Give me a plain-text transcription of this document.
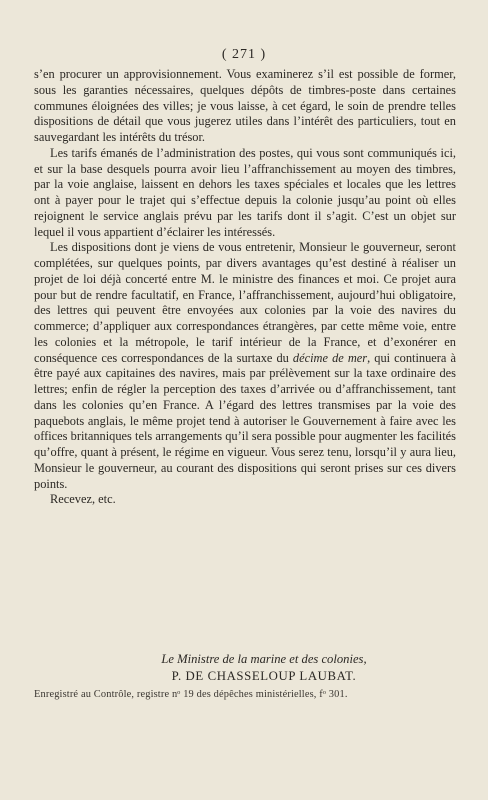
( 271 )

s’en procurer un approvisionnement. Vous examinerez s’il est possible de former, sous les garanties nécessaires, quelques dépôts de timbres-poste dans certaines communes éloignées des villes; je vous laisse, à cet égard, le soin de prendre telles dispositions de détail que vous jugerez utiles dans l’intérêt des particuliers, tout en sauvegardant les intérêts du trésor.

Les tarifs émanés de l’administration des postes, qui vous sont communiqués ici, et sur la base desquels pourra avoir lieu l’affranchissement au moyen des timbres, par la voie anglaise, laissent en dehors les taxes spéciales et locales que les lettres ont à payer pour le trajet qui s’effectue depuis la colonie jusqu’au point où elles rejoignent le service anglais prévu par les tarifs dont il s’agit. C’est un objet sur lequel il vous appartient d’éclairer les intéressés.

Les dispositions dont je viens de vous entretenir, Monsieur le gouverneur, seront complétées, sur quelques points, par divers avantages qu’est destiné à réaliser un projet de loi déjà concerté entre M. le ministre des finances et moi. Ce projet aura pour but de rendre facultatif, en France, l’affranchissement, aujourd’hui obligatoire, des lettres qui peuvent être envoyées aux colonies par la voie des navires du commerce; d’appliquer aux correspondances étrangères, par cette même voie, entre les colonies et la métropole, le tarif intérieur de la France, et d’exonérer en conséquence ces correspondances de la surtaxe du décime de mer, qui continuera à être payé aux capitaines des navires, mais par prélèvement sur la taxe ordinaire des lettres; enfin de régler la perception des taxes d’arrivée ou d’affranchissement, tant dans les colonies qu’en France. A l’égard des lettres transmises par la voie des paquebots anglais, le même projet tend à autoriser le Gouvernement à faire avec les offices britanniques tels arrangements qu’il sera possible pour augmenter les facilités qu’offre, quant à présent, le régime en vigueur. Vous serez tenu, lorsqu’il y aura lieu, Monsieur le gouverneur, au courant des dispositions qui seront prises sur ces divers points.

Recevez, etc.

Le Ministre de la marine et des colonies,
P. DE CHASSELOUP LAUBAT.
Enregistré au Contrôle, registre nᵒ 19 des dépêches ministérielles, fᵒ 301.
